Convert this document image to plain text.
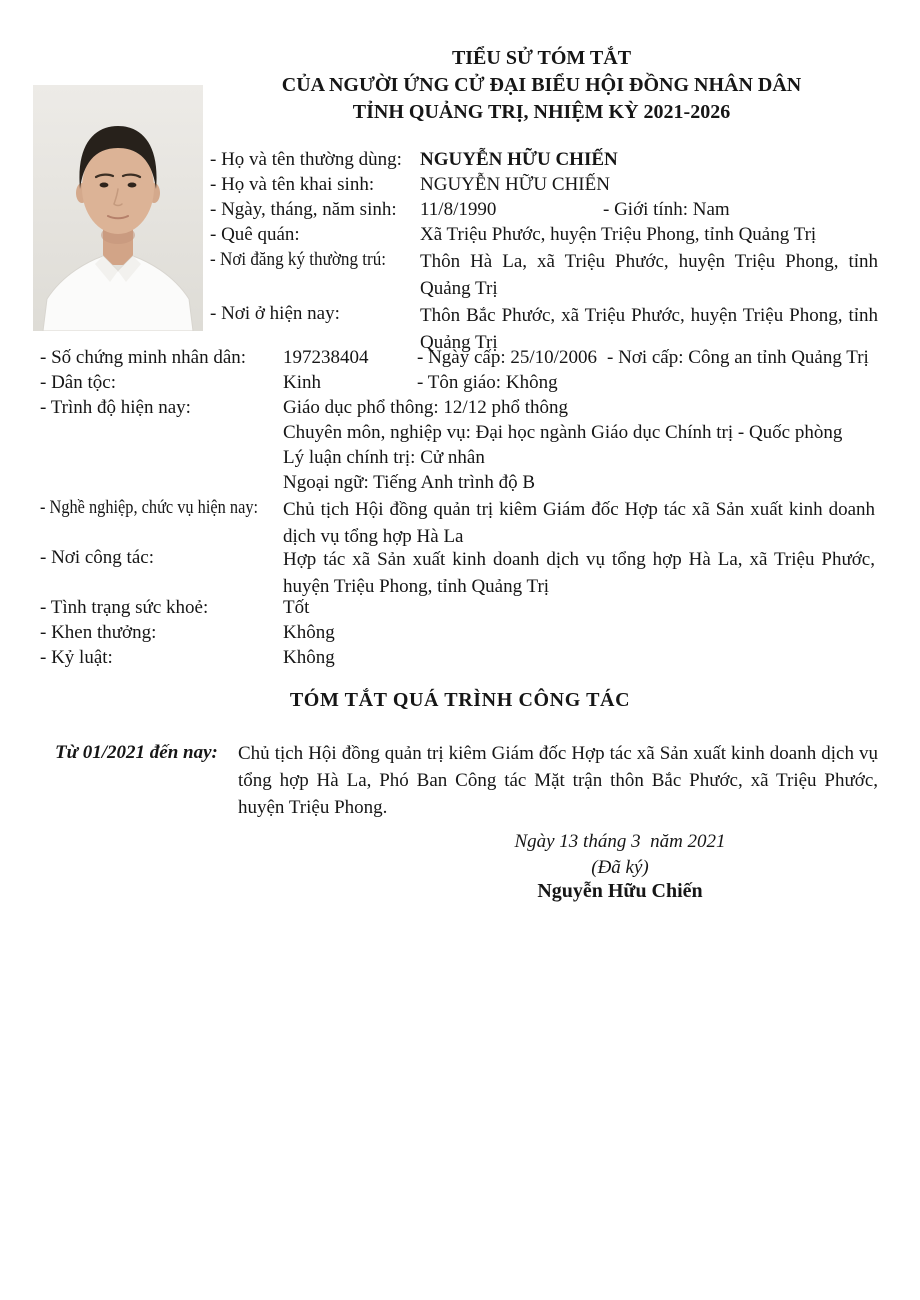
TIỂU SỬ TÓM TẮT
CỦA NGƯỜI ỨNG CỬ ĐẠI BIỂU HỘI ĐỒNG NHÂN DÂN
TỈNH QUẢNG TRỊ, NHIỆM KỲ 2021-2026
- Họ và tên thường dùng: NGUYỄN HỮU CHIẾN
- Họ và tên khai sinh: NGUYỄN HỮU CHIẾN
- Ngày, tháng, năm sinh: 11/8/1990	- Giới tính: Nam
- Quê quán:	Xã Triệu Phước, huyện Triệu Phong, tỉnh Quảng Trị
- Nơi đăng ký thường trú: Thôn Hà La, xã Triệu Phước, huyện Triệu Phong, tỉnh Quảng Trị
- Nơi ở hiện nay:	Thôn Bắc Phước, xã Triệu Phước, huyện Triệu Phong, tỉnh Quảng Trị
- Số chứng minh nhân dân: 197238404	- Ngày cấp: 25/10/2006 - Nơi cấp: Công an tỉnh Quảng Trị
- Dân tộc:	Kinh	- Tôn giáo: Không
- Trình độ hiện nay:	Giáo dục phổ thông: 12/12 phổ thông
Chuyên môn, nghiệp vụ: Đại học ngành Giáo dục Chính trị - Quốc phòng
Lý luận chính trị: Cử nhân
Ngoại ngữ: Tiếng Anh trình độ B
- Nghề nghiệp, chức vụ hiện nay: Chủ tịch Hội đồng quản trị kiêm Giám đốc Hợp tác xã Sản xuất kinh doanh dịch vụ tổng hợp Hà La
- Nơi công tác:	Hợp tác xã Sản xuất kinh doanh dịch vụ tổng hợp Hà La, xã Triệu Phước, huyện Triệu Phong, tỉnh Quảng Trị
- Tình trạng sức khoẻ:	Tốt
- Khen thưởng:	Không
- Kỷ luật:	Không
TÓM TẮT QUÁ TRÌNH CÔNG TÁC
Từ 01/2021 đến nay: Chủ tịch Hội đồng quản trị kiêm Giám đốc Hợp tác xã Sản xuất kinh doanh dịch vụ tổng hợp Hà La, Phó Ban Công tác Mặt trận thôn Bắc Phước, xã Triệu Phước, huyện Triệu Phong.
Ngày 13 tháng 3  năm 2021
(Đã ký)
Nguyễn Hữu Chiến
